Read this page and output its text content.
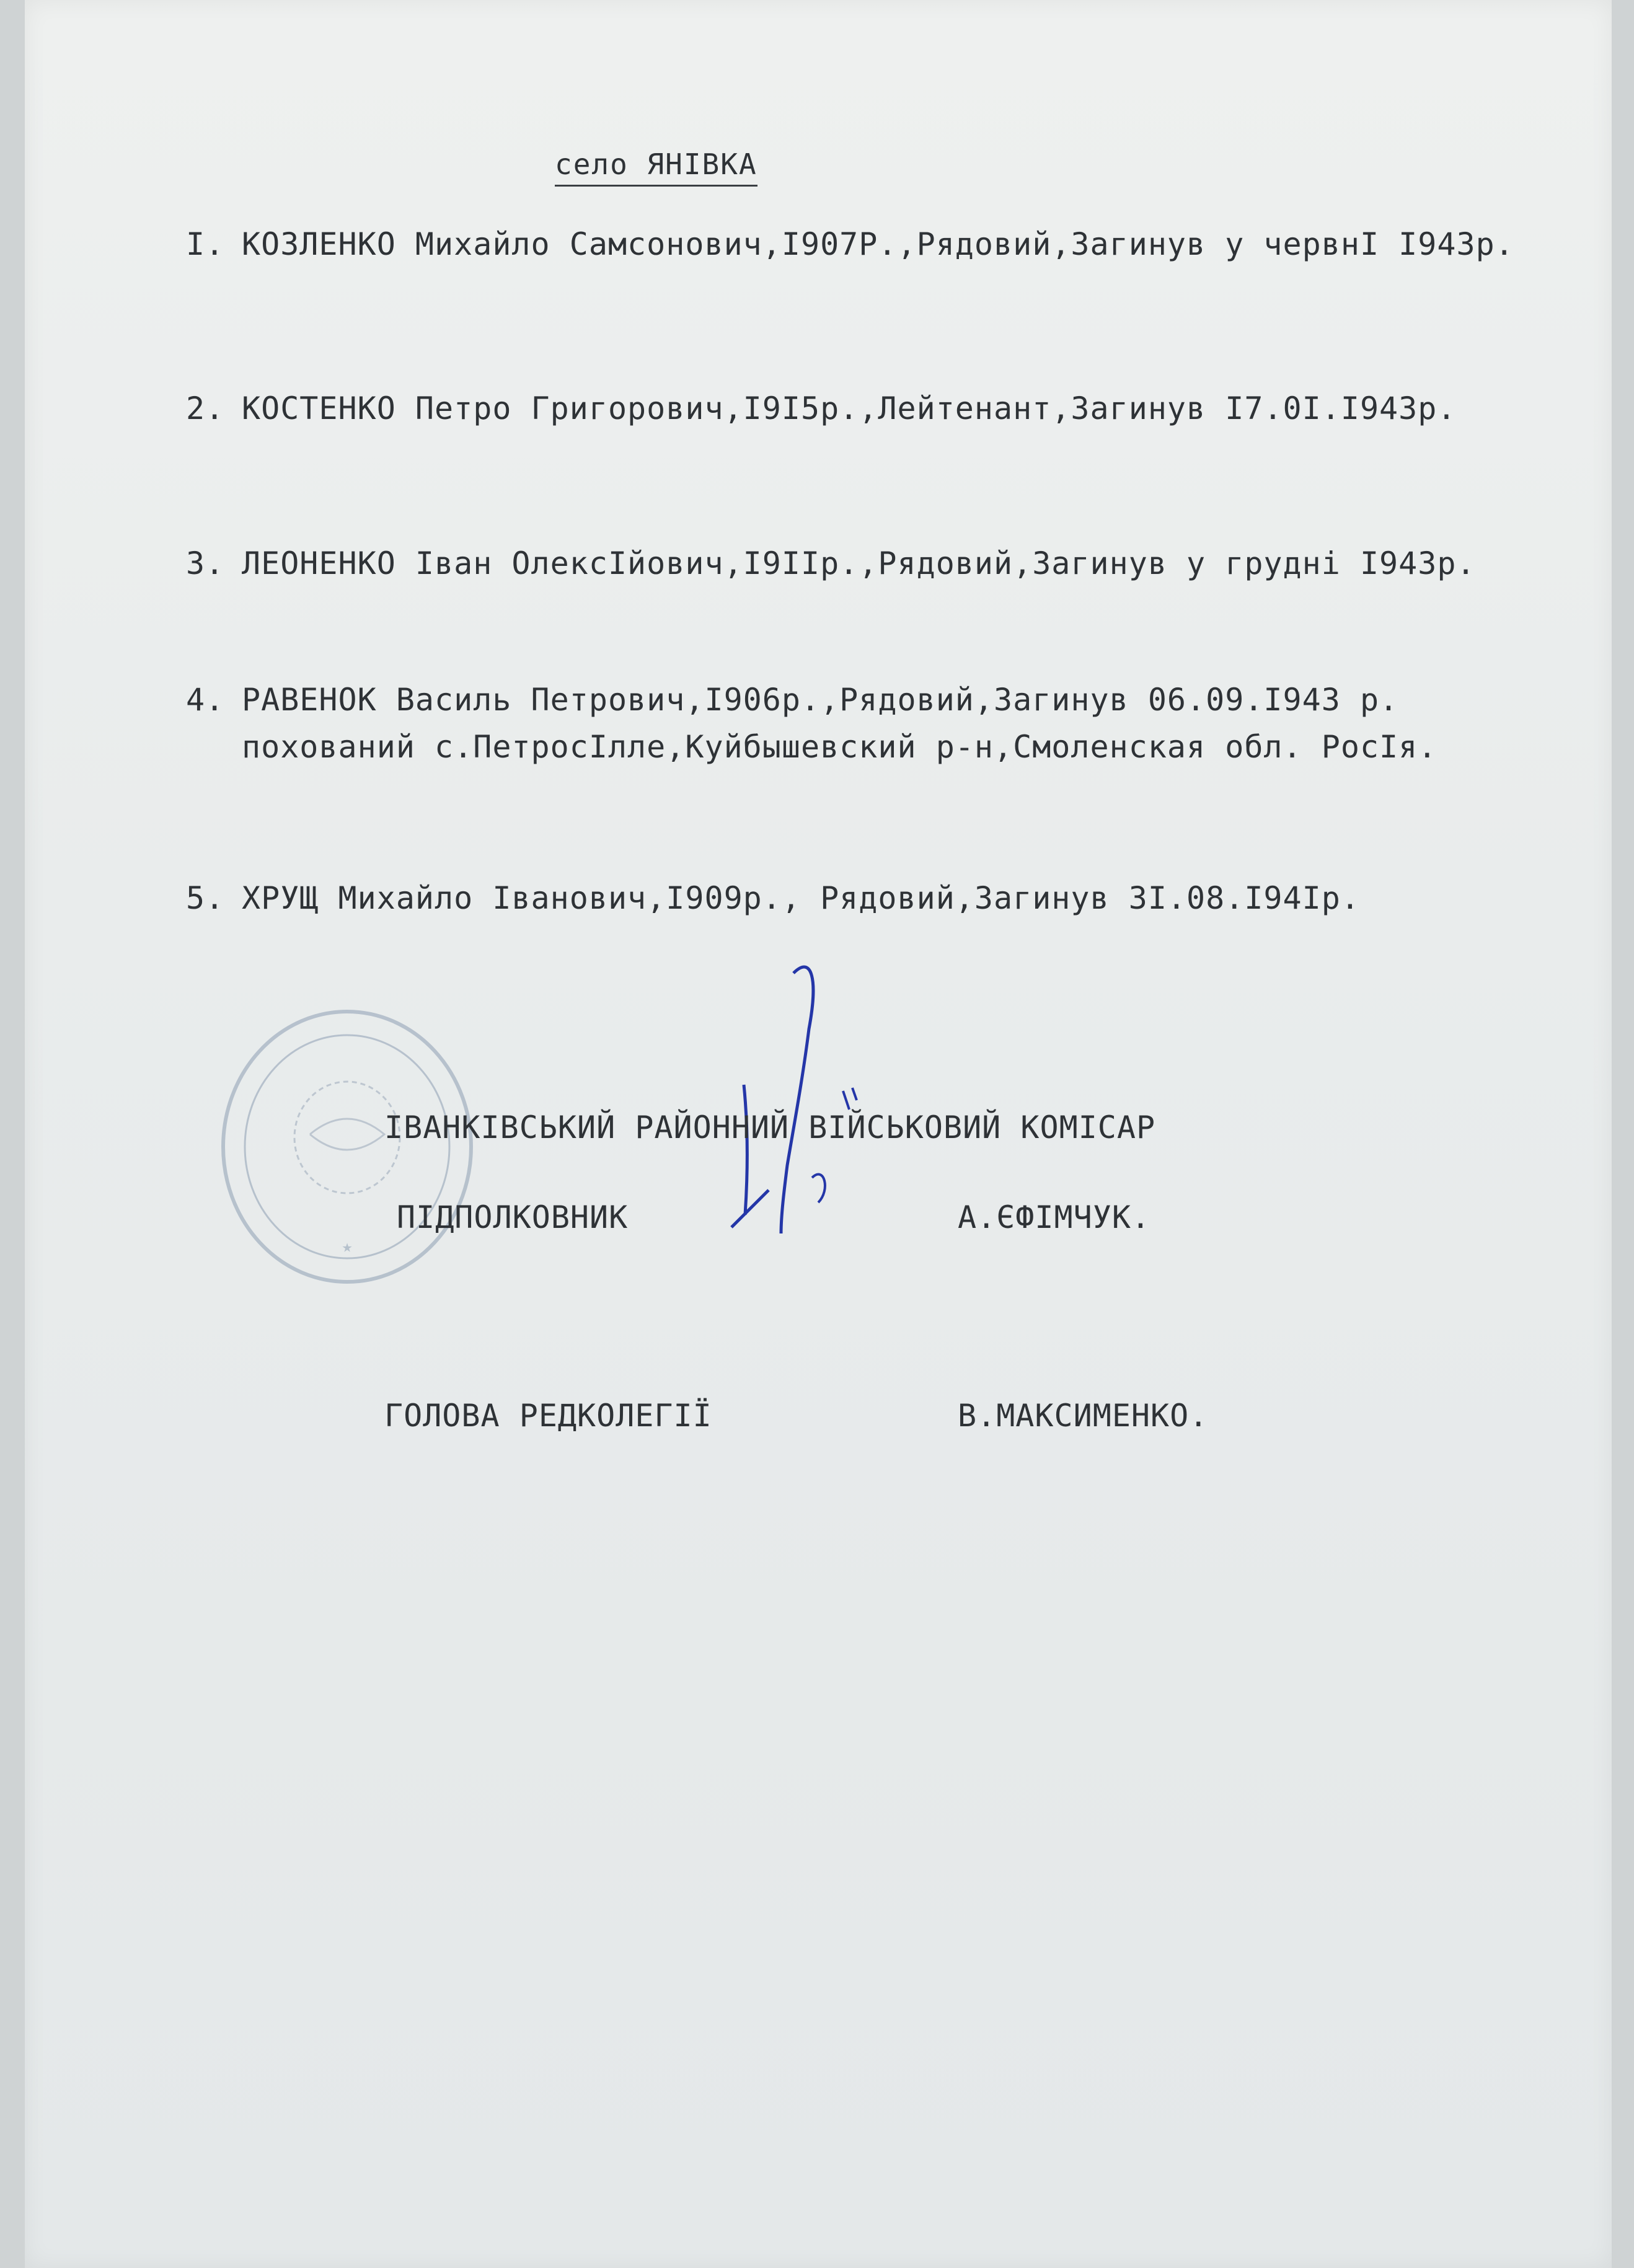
село ЯНІВКА
I. КОЗЛЕНКО Михайло Самсонович,I907Р.,Рядовий,Загинув у червнІ I943р.
2. КОСТЕНКО Петро Григорович,I9I5р.,Лейтенант,Загинув I7.0I.I943р.
3. ЛЕОНЕНКО Іван ОлексІйович,I9IIр.,Рядовий,Загинув у грудні I943р.
4. РАВЕНОК Василь Петрович,I906р.,Рядовий,Загинув 06.09.I943 р.
похований с.ПетросІлле,Куйбышевский р-н,Смоленская обл. РосІя.
5. ХРУЩ Михайло Іванович,I909р., Рядовий,Загинув 3I.08.I94Iр.
★
ІВАНКІВСЬКИЙ РАЙОННИЙ ВІЙСЬКОВИЙ КОМІСАР
ПІДПОЛКОВНИК	А.ЄФІМЧУК.
ГОЛОВА РЕДКОЛЕГІЇ	В.МАКСИМЕНКО.
